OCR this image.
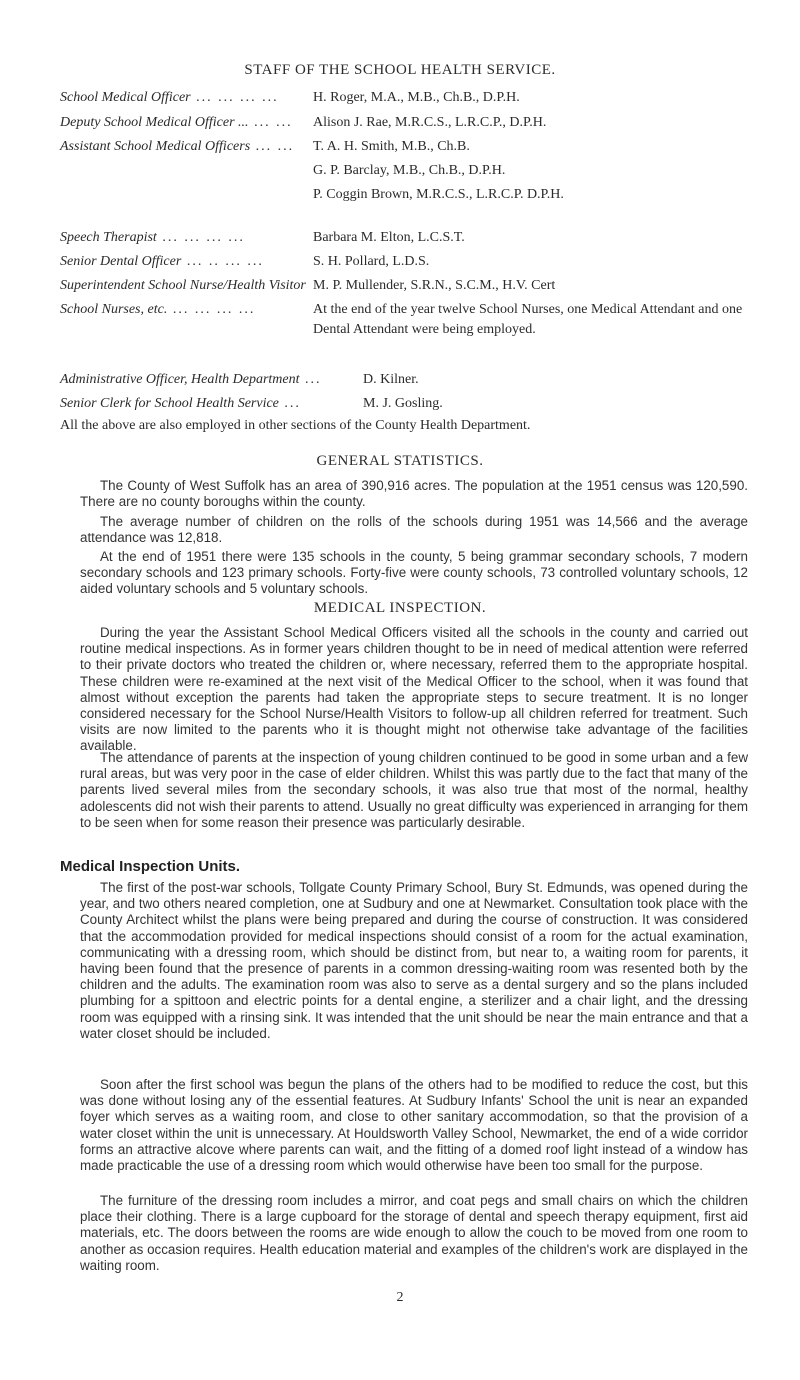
STAFF OF THE SCHOOL HEALTH SERVICE.
School Medical Officer ... ... ... ...	H. Roger, M.A., M.B., Ch.B., D.P.H.
Deputy School Medical Officer ... ... ...	Alison J. Rae, M.R.C.S., L.R.C.P., D.P.H.
Assistant School Medical Officers ... ...	T. A. H. Smith, M.B., Ch.B.
G. P. Barclay, M.B., Ch.B., D.P.H.
P. Coggin Brown, M.R.C.S., L.R.C.P. D.P.H.
Speech Therapist ... ... ... ...	Barbara M. Elton, L.C.S.T.
Senior Dental Officer ... .. ... ...	S. H. Pollard, L.D.S.
Superintendent School Nurse/Health Visitor M. P. Mullender, S.R.N., S.C.M., H.V. Cert
School Nurses, etc. ... ... ... ...	At the end of the year twelve School Nurses, one Medical Attendant and one Dental Attendant were being employed.
Administrative Officer, Health Department ...	D. Kilner.
Senior Clerk for School Health Service ...	M. J. Gosling.
All the above are also employed in other sections of the County Health Department.
GENERAL STATISTICS.
The County of West Suffolk has an area of 390,916 acres. The population at the 1951 census was 120,590. There are no county boroughs within the county.
The average number of children on the rolls of the schools during 1951 was 14,566 and the average attendance was 12,818.
At the end of 1951 there were 135 schools in the county, 5 being grammar secondary schools, 7 modern secondary schools and 123 primary schools. Forty-five were county schools, 73 controlled voluntary schools, 12 aided voluntary schools and 5 voluntary schools.
MEDICAL INSPECTION.
During the year the Assistant School Medical Officers visited all the schools in the county and carried out routine medical inspections. As in former years children thought to be in need of medical attention were referred to their private doctors who treated the children or, where necessary, referred them to the appropriate hospital. These children were re-examined at the next visit of the Medical Officer to the school, when it was found that almost without exception the parents had taken the appropriate steps to secure treatment. It is no longer considered necessary for the School Nurse/Health Visitors to follow-up all children referred for treatment. Such visits are now limited to the parents who it is thought might not otherwise take advantage of the facilities available.
The attendance of parents at the inspection of young children continued to be good in some urban and a few rural areas, but was very poor in the case of elder children. Whilst this was partly due to the fact that many of the parents lived several miles from the secondary schools, it was also true that most of the normal, healthy adolescents did not wish their parents to attend. Usually no great difficulty was experienced in arranging for them to be seen when for some reason their presence was particularly desirable.
Medical Inspection Units.
The first of the post-war schools, Tollgate County Primary School, Bury St. Edmunds, was opened during the year, and two others neared completion, one at Sudbury and one at Newmarket. Consultation took place with the County Architect whilst the plans were being prepared and during the course of construction. It was considered that the accommodation provided for medical inspections should consist of a room for the actual examination, communicating with a dressing room, which should be distinct from, but near to, a waiting room for parents, it having been found that the presence of parents in a common dressing-waiting room was resented both by the children and the adults. The examination room was also to serve as a dental surgery and so the plans included plumbing for a spittoon and electric points for a dental engine, a sterilizer and a chair light, and the dressing room was equipped with a rinsing sink. It was intended that the unit should be near the main entrance and that a water closet should be included.
Soon after the first school was begun the plans of the others had to be modified to reduce the cost, but this was done without losing any of the essential features. At Sudbury Infants' School the unit is near an expanded foyer which serves as a waiting room, and close to other sanitary accommodation, so that the provision of a water closet within the unit is unnecessary. At Houldsworth Valley School, Newmarket, the end of a wide corridor forms an attractive alcove where parents can wait, and the fitting of a domed roof light instead of a window has made practicable the use of a dressing room which would otherwise have been too small for the purpose.
The furniture of the dressing room includes a mirror, and coat pegs and small chairs on which the children place their clothing. There is a large cupboard for the storage of dental and speech therapy equipment, first aid materials, etc. The doors between the rooms are wide enough to allow the couch to be moved from one room to another as occasion requires. Health education material and examples of the children's work are displayed in the waiting room.
2
